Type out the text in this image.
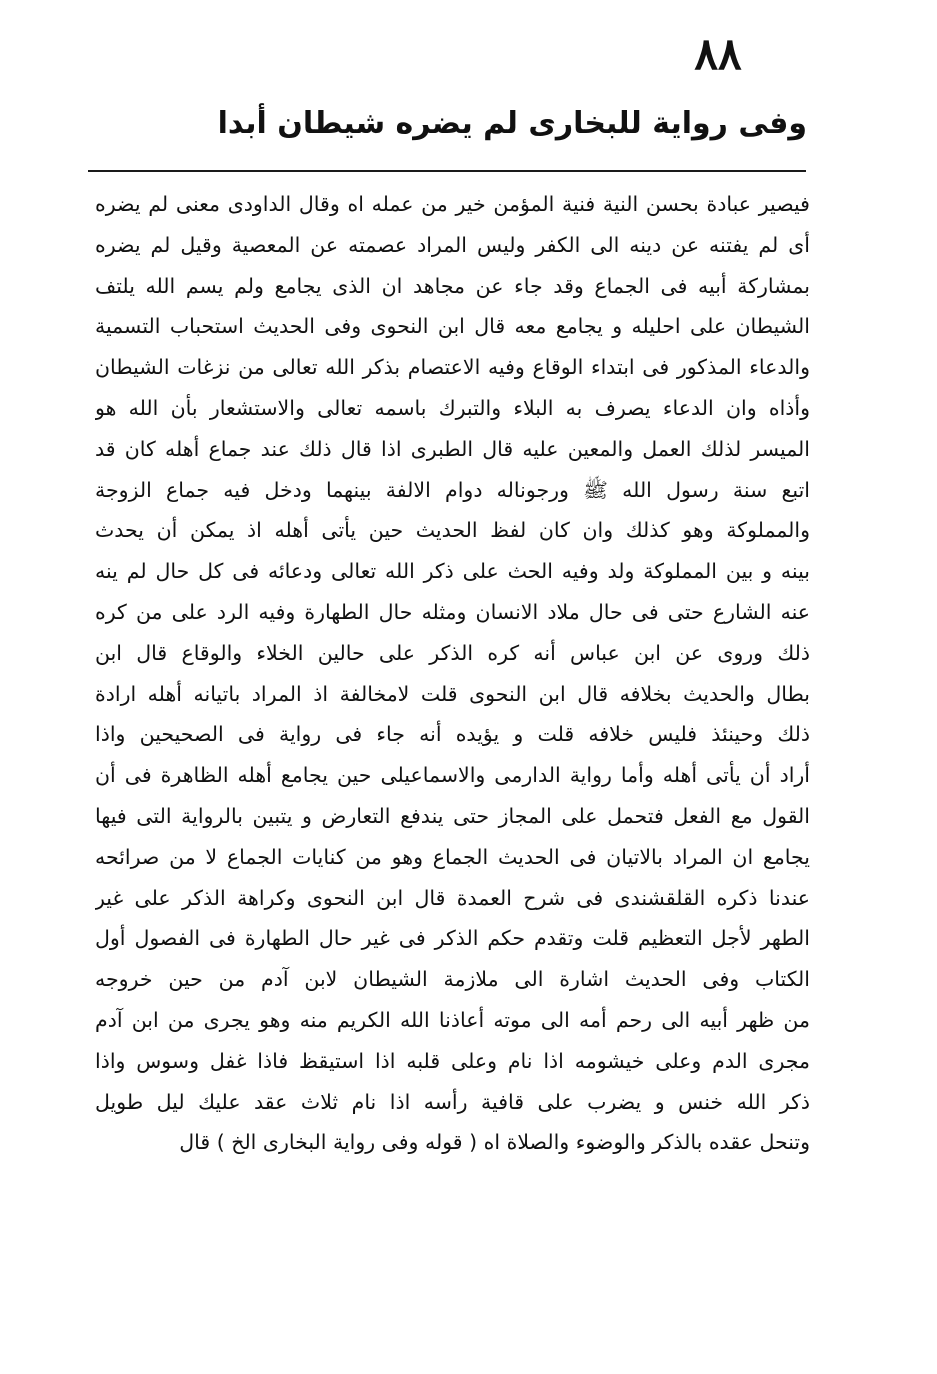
٨٨
وفى رواية للبخارى لم يضره شيطان أبدا
فيصير عبادة بحسن النية فنية المؤمن خير من عمله اه وقال الداودى معنى لم يضره
أى لم يفتنه عن دينه الى الكفر وليس المراد عصمته عن المعصية وقيل لم يضره
بمشاركة أبيه فى الجماع وقد جاء عن مجاهد ان الذى يجامع ولم يسم الله يلتف
الشيطان على احليله و يجامع معه قال ابن النحوى وفى الحديث استحباب التسمية
والدعاء المذكور فى ابتداء الوقاع وفيه الاعتصام بذكر الله تعالى من نزغات الشيطان
وأذاه وان الدعاء يصرف به البلاء والتبرك باسمه تعالى والاستشعار بأن الله هو
الميسر لذلك العمل والمعين عليه قال الطبرى اذا قال ذلك عند جماع أهله كان قد
اتبع سنة رسول الله ﷺ ورجوناله دوام الالفة بينهما ودخل فيه جماع الزوجة
والمملوكة وهو كذلك وان كان لفظ الحديث حين يأتى أهله اذ يمكن أن يحدث
بينه و بين المملوكة ولد وفيه الحث على ذكر الله تعالى ودعائه فى كل حال لم ينه
عنه الشارع حتى فى حال ملاد الانسان ومثله حال الطهارة وفيه الرد على من كره
ذلك وروى عن ابن عباس أنه كره الذكر على حالين الخلاء والوقاع قال ابن
بطال والحديث بخلافه قال ابن النحوى قلت لامخالفة اذ المراد باتيانه أهله ارادة
ذلك وحينئذ فليس خلافه قلت و يؤيده أنه جاء فى رواية فى الصحيحين واذا
أراد أن يأتى أهله وأما رواية الدارمى والاسماعيلى حين يجامع أهله الظاهرة فى أن
القول مع الفعل فتحمل على المجاز حتى يندفع التعارض و يتبين بالرواية التى فيها
يجامع ان المراد بالاتيان فى الحديث الجماع وهو من كنايات الجماع لا من صرائحه
عندنا ذكره القلقشندى فى شرح العمدة قال ابن النحوى وكراهة الذكر على غير
الطهر لأجل التعظيم قلت وتقدم حكم الذكر فى غير حال الطهارة فى الفصول أول
الكتاب وفى الحديث اشارة الى ملازمة الشيطان لابن آدم من حين خروجه
من ظهر أبيه الى رحم أمه الى موته أعاذنا الله الكريم منه وهو يجرى من ابن آدم
مجرى الدم وعلى خيشومه اذا نام وعلى قلبه اذا استيقظ فاذا غفل وسوس واذا
ذكر الله خنس و يضرب على قافية رأسه اذا نام ثلاث عقد عليك ليل طويل
وتنحل عقده بالذكر والوضوء والصلاة اه ( قوله وفى رواية البخارى الخ ) قال
